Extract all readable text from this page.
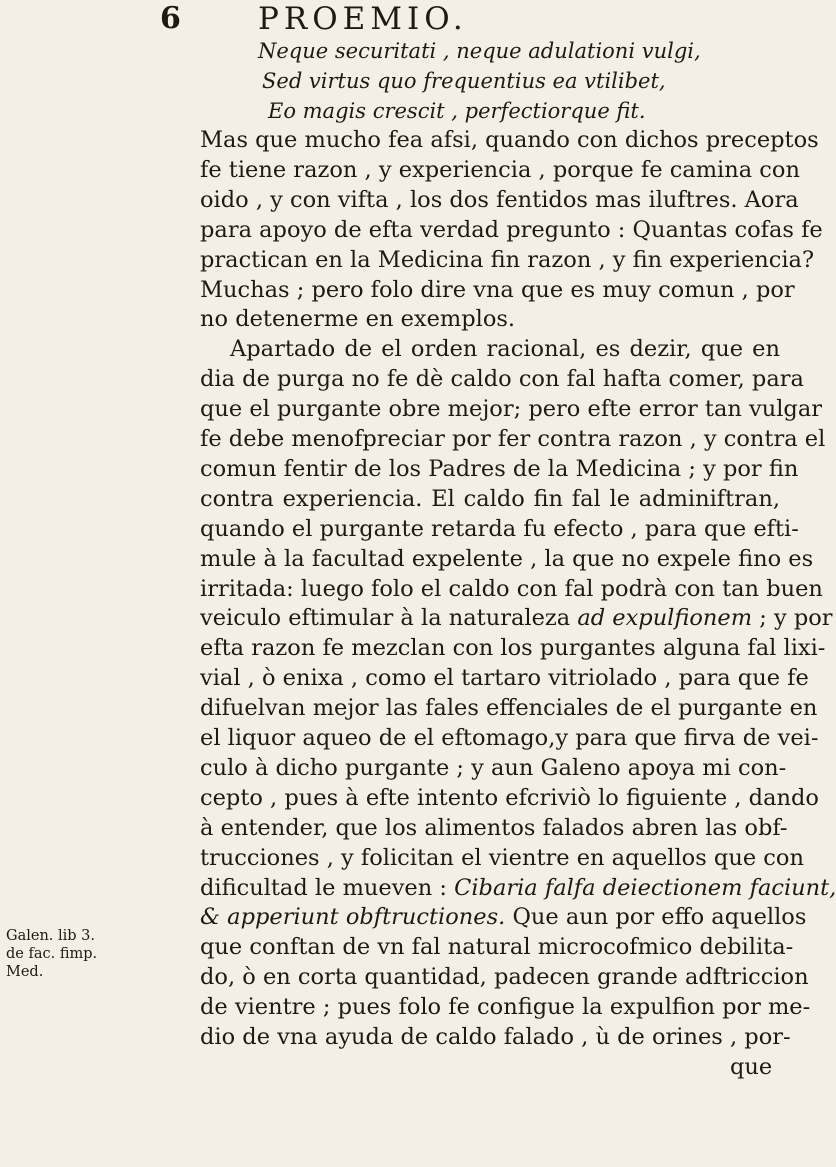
6 PROEMIO.
Neque securitati , neque adulationi vulgi,
Sed virtus quo frequentius ea vtilibet,
Eo magis crescit , perfectiorque fit.
Mas que mucho fea afsi, quando con dichos preceptos
fe tiene razon , y experiencia , porque fe camina con
oido , y con vifta , los dos fentidos mas iluftres. Aora
para apoyo de efta verdad pregunto : Quantas cofas fe
practican en la Medicina fin razon , y fin experiencia?
Muchas ; pero folo dire vna que es muy comun , por
no detenerme en exemplos.
Apartado de el orden racional, es dezir, que en
dia de purga no fe dè caldo con fal hafta comer, para
que el purgante obre mejor; pero efte error tan vulgar
fe debe menofpreciar por fer contra razon , y contra el
comun fentir de los Padres de la Medicina ; y por fin
contra experiencia. El caldo fin fal le adminiftran,
quando el purgante retarda fu efecto , para que efti-
mule à la facultad expelente , la que no expele fino es
irritada: luego folo el caldo con fal podrà con tan buen
veiculo eftimular à la naturaleza ad expulfionem ; y por
efta razon fe mezclan con los purgantes alguna fal lixi-
vial , ò enixa , como el tartaro vitriolado , para que fe
difuelvan mejor las fales effenciales de el purgante en
el liquor aqueo de el eftomago,y para que firva de vei-
culo à dicho purgante ; y aun Galeno apoya mi con-
cepto , pues à efte intento efcriviò lo figuiente , dando
à entender, que los alimentos falados abren las obf-
trucciones , y folicitan el vientre en aquellos que con
dificultad le mueven : Cibaria falfa deiectionem faciunt,
& apperiunt obftructiones. Que aun por effo aquellos
que conftan de vn fal natural microcofmico debilita-
do, ò en corta quantidad, padecen grande adftriccion
de vientre ; pues folo fe configue la expulfion por me-
dio de vna ayuda de caldo falado , ù de orines , por-
que
Galen. lib 3.
de fac. fimp.
Med.
